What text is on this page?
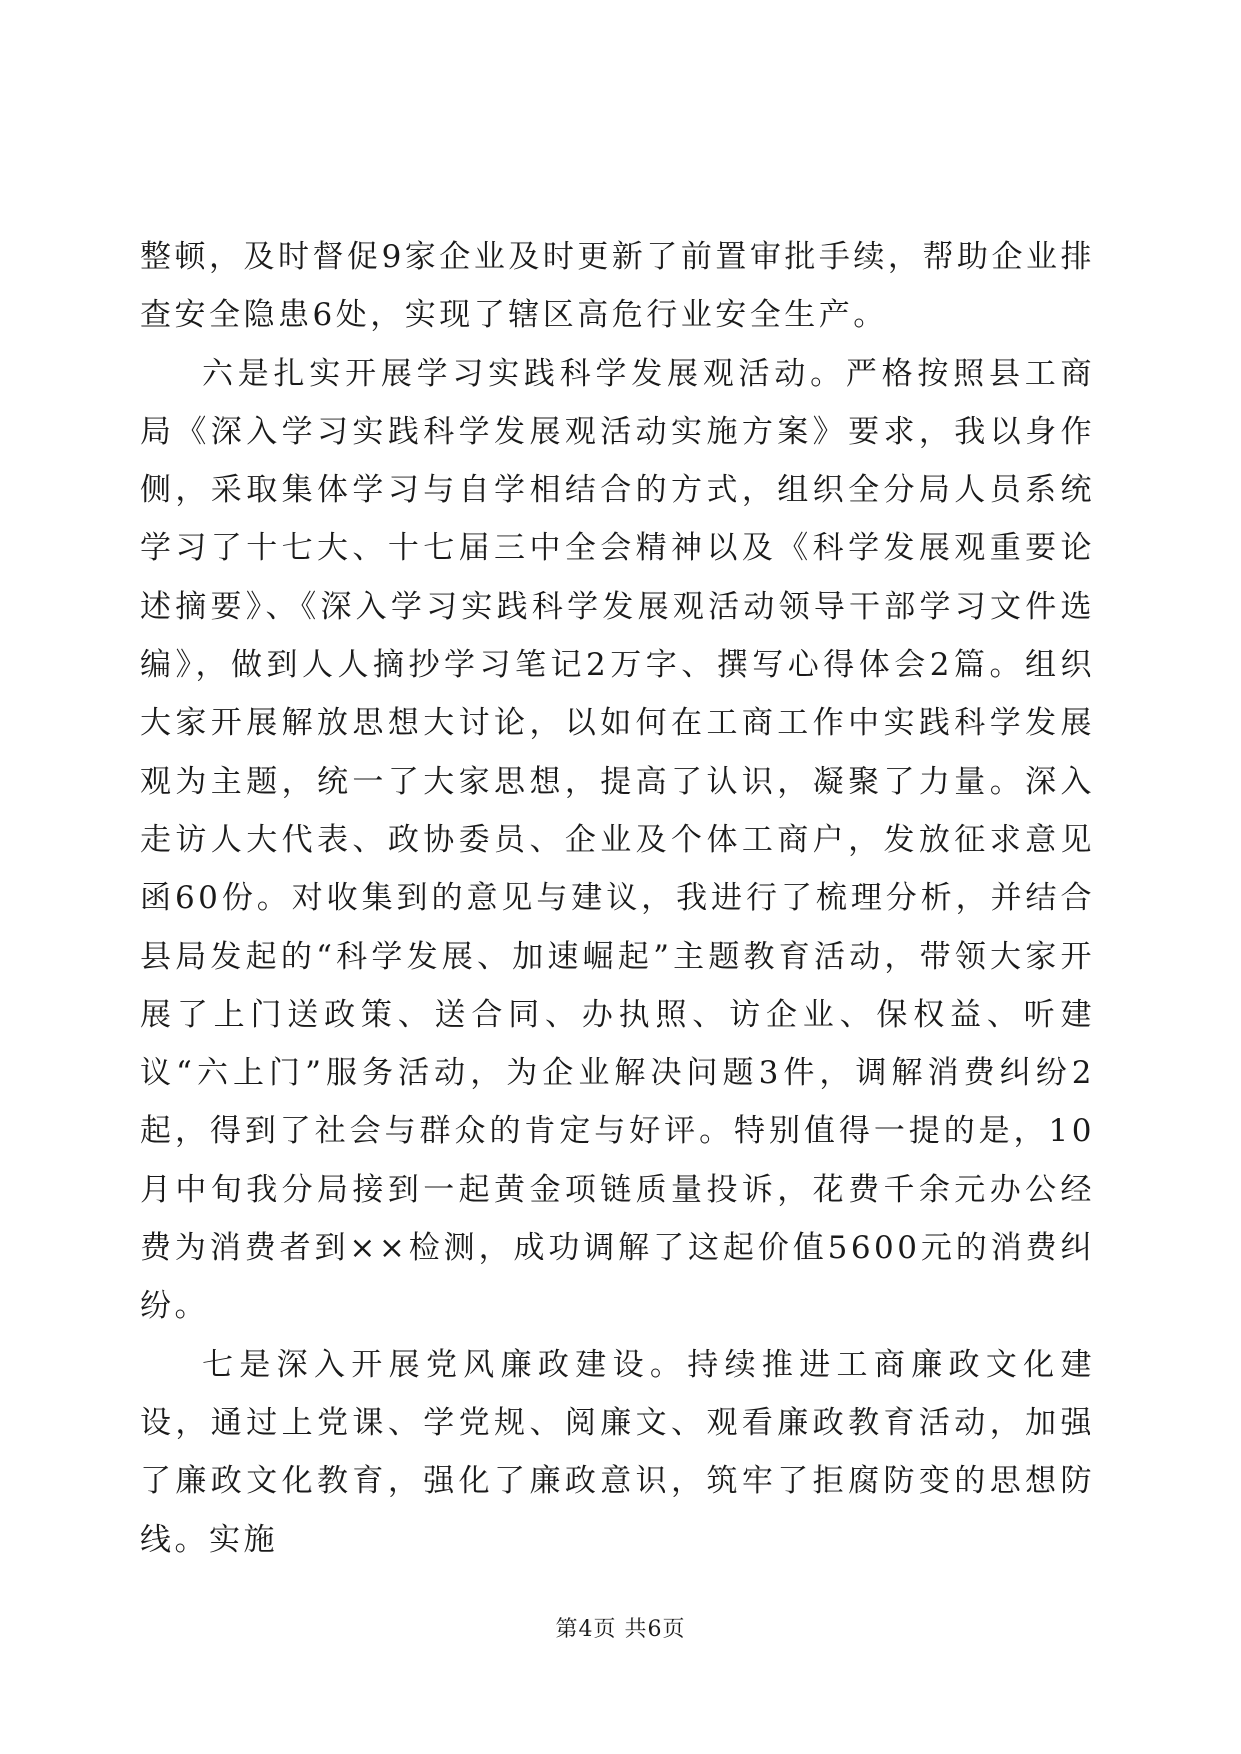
整顿，及时督促9家企业及时更新了前置审批手续，帮助企业排查安全隐患6处，实现了辖区高危行业安全生产。

六是扎实开展学习实践科学发展观活动。严格按照县工商局《深入学习实践科学发展观活动实施方案》要求，我以身作侧，采取集体学习与自学相结合的方式，组织全分局人员系统学习了十七大、十七届三中全会精神以及《科学发展观重要论述摘要》、《深入学习实践科学发展观活动领导干部学习文件选编》，做到人人摘抄学习笔记2万字、撰写心得体会2篇。组织大家开展解放思想大讨论，以如何在工商工作中实践科学发展观为主题，统一了大家思想，提高了认识，凝聚了力量。深入走访人大代表、政协委员、企业及个体工商户，发放征求意见函60份。对收集到的意见与建议，我进行了梳理分析，并结合县局发起的“科学发展、加速崛起”主题教育活动，带领大家开展了上门送政策、送合同、办执照、访企业、保权益、听建议“六上门”服务活动，为企业解决问题3件，调解消费纠纷2起，得到了社会与群众的肯定与好评。特别值得一提的是，10月中旬我分局接到一起黄金项链质量投诉，花费千余元办公经费为消费者到××检测，成功调解了这起价值5600元的消费纠纷。

七是深入开展党风廉政建设。持续推进工商廉政文化建设，通过上党课、学党规、阅廉文、观看廉政教育活动，加强了廉政文化教育，强化了廉政意识，筑牢了拒腐防变的思想防线。实施

第4页 共6页
